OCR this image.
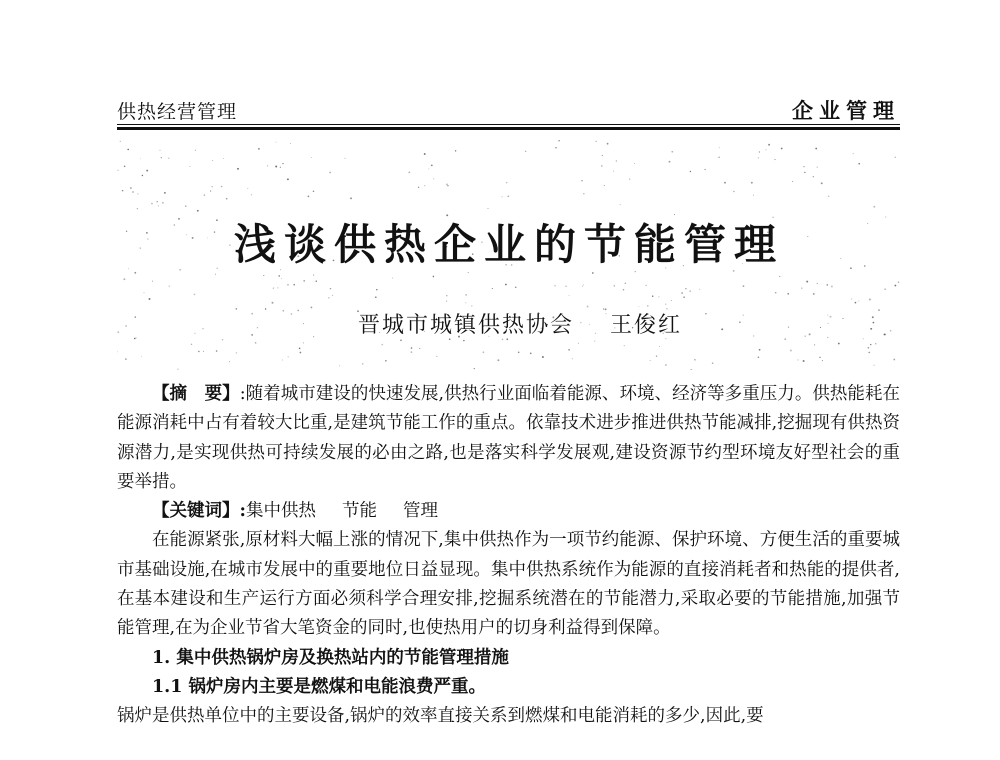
供热经营管理	企业管理
浅谈供热企业的节能管理
晋城市城镇供热协会 王俊红

【摘　要】:随着城市建设的快速发展,供热行业面临着能源、环境、经济等多重压力。供热能耗在能源消耗中占有着较大比重,是建筑节能工作的重点。依靠技术进步推进供热节能减排,挖掘现有供热资源潜力,是实现供热可持续发展的必由之路,也是落实科学发展观,建设资源节约型环境友好型社会的重要举措。

【关键词】:集中供热 节能 管理

在能源紧张,原材料大幅上涨的情况下,集中供热作为一项节约能源、保护环境、方便生活的重要城市基础设施,在城市发展中的重要地位日益显现。集中供热系统作为能源的直接消耗者和热能的提供者,在基本建设和生产运行方面必须科学合理安排,挖掘系统潜在的节能潜力,采取必要的节能措施,加强节能管理,在为企业节省大笔资金的同时,也使热用户的切身利益得到保障。

1. 集中供热锅炉房及换热站内的节能管理措施

1.1 锅炉房内主要是燃煤和电能浪费严重。

锅炉是供热单位中的主要设备,锅炉的效率直接关系到燃煤和电能消耗的多少,因此,要
